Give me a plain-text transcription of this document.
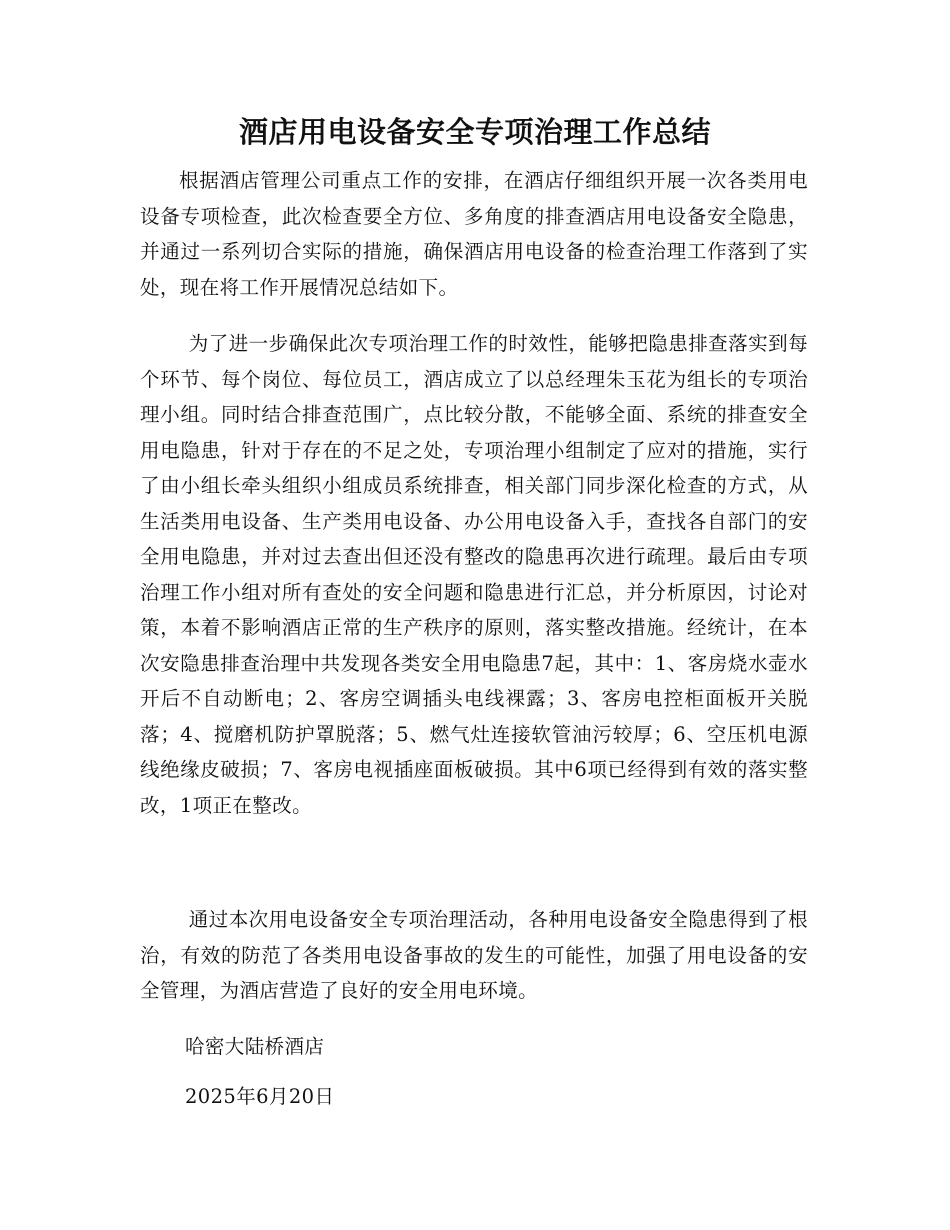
酒店用电设备安全专项治理工作总结

根据酒店管理公司重点工作的安排，在酒店仔细组织开展一次各类用电设备专项检查，此次检查要全方位、多角度的排查酒店用电设备安全隐患，并通过一系列切合实际的措施，确保酒店用电设备的检查治理工作落到了实处，现在将工作开展情况总结如下。

为了进一步确保此次专项治理工作的时效性，能够把隐患排查落实到每个环节、每个岗位、每位员工，酒店成立了以总经理朱玉花为组长的专项治理小组。同时结合排查范围广，点比较分散，不能够全面、系统的排查安全用电隐患，针对于存在的不足之处，专项治理小组制定了应对的措施，实行了由小组长牵头组织小组成员系统排查，相关部门同步深化检查的方式，从生活类用电设备、生产类用电设备、办公用电设备入手，查找各自部门的安全用电隐患，并对过去查出但还没有整改的隐患再次进行疏理。最后由专项治理工作小组对所有查处的安全问题和隐患进行汇总，并分析原因，讨论对策，本着不影响酒店正常的生产秩序的原则，落实整改措施。经统计，在本次安隐患排查治理中共发现各类安全用电隐患7起，其中：1、客房烧水壶水开后不自动断电；2、客房空调插头电线裸露；3、客房电控柜面板开关脱落；4、搅磨机防护罩脱落；5、燃气灶连接软管油污较厚；6、空压机电源线绝缘皮破损；7、客房电视插座面板破损。其中6项已经得到有效的落实整改，1项正在整改。

通过本次用电设备安全专项治理活动，各种用电设备安全隐患得到了根治，有效的防范了各类用电设备事故的发生的可能性，加强了用电设备的安全管理，为酒店营造了良好的安全用电环境。

哈密大陆桥酒店
2025年6月20日
